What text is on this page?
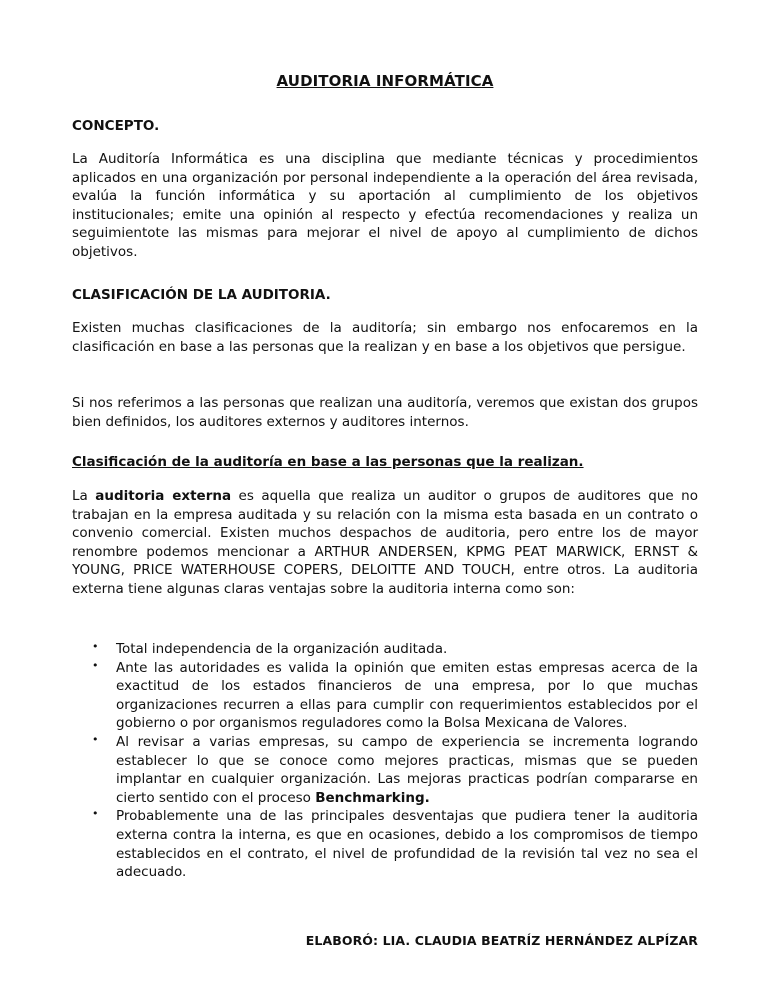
AUDITORIA INFORMÁTICA
CONCEPTO.
La Auditoría Informática es una disciplina que mediante técnicas y procedimientos aplicados en una organización por personal independiente a la operación del área revisada, evalúa la función informática y su aportación al cumplimiento de los objetivos institucionales; emite una opinión al respecto y efectúa recomendaciones y realiza un seguimientote las mismas para mejorar el nivel de apoyo al cumplimiento de dichos objetivos.
CLASIFICACIÓN DE LA AUDITORIA.
Existen muchas clasificaciones de la auditoría; sin embargo nos enfocaremos en la clasificación en base a las personas que la realizan y en base a los objetivos que persigue.
Si nos referimos a las personas que realizan una auditoría, veremos que existan dos grupos bien definidos, los auditores externos y auditores internos.
Clasificación de la auditoría en base a las personas que la realizan.
La auditoria externa es aquella que realiza un auditor o grupos de auditores que no trabajan en la empresa auditada y su relación con la misma esta basada en un contrato o convenio comercial. Existen muchos despachos de auditoria, pero entre los de mayor renombre podemos mencionar a ARTHUR ANDERSEN, KPMG PEAT MARWICK, ERNST & YOUNG, PRICE WATERHOUSE COPERS, DELOITTE AND TOUCH, entre otros. La auditoria externa tiene algunas claras ventajas sobre la auditoria interna como son:
• Total independencia de la organización auditada.
• Ante las autoridades es valida la opinión que emiten estas empresas acerca de la exactitud de los estados financieros de una empresa, por lo que muchas organizaciones recurren a ellas para cumplir con requerimientos establecidos por el gobierno o por organismos reguladores como la Bolsa Mexicana de Valores.
• Al revisar a varias empresas, su campo de experiencia se incrementa logrando establecer lo que se conoce como mejores practicas, mismas que se pueden implantar en cualquier organización. Las mejoras practicas podrían compararse en cierto sentido con el proceso Benchmarking.
• Probablemente una de las principales desventajas que pudiera tener la auditoria externa contra la interna, es que en ocasiones, debido a los compromisos de tiempo establecidos en el contrato, el nivel de profundidad de la revisión tal vez no sea el adecuado.
ELABORÓ: LIA. CLAUDIA BEATRÍZ HERNÁNDEZ ALPÍZAR
